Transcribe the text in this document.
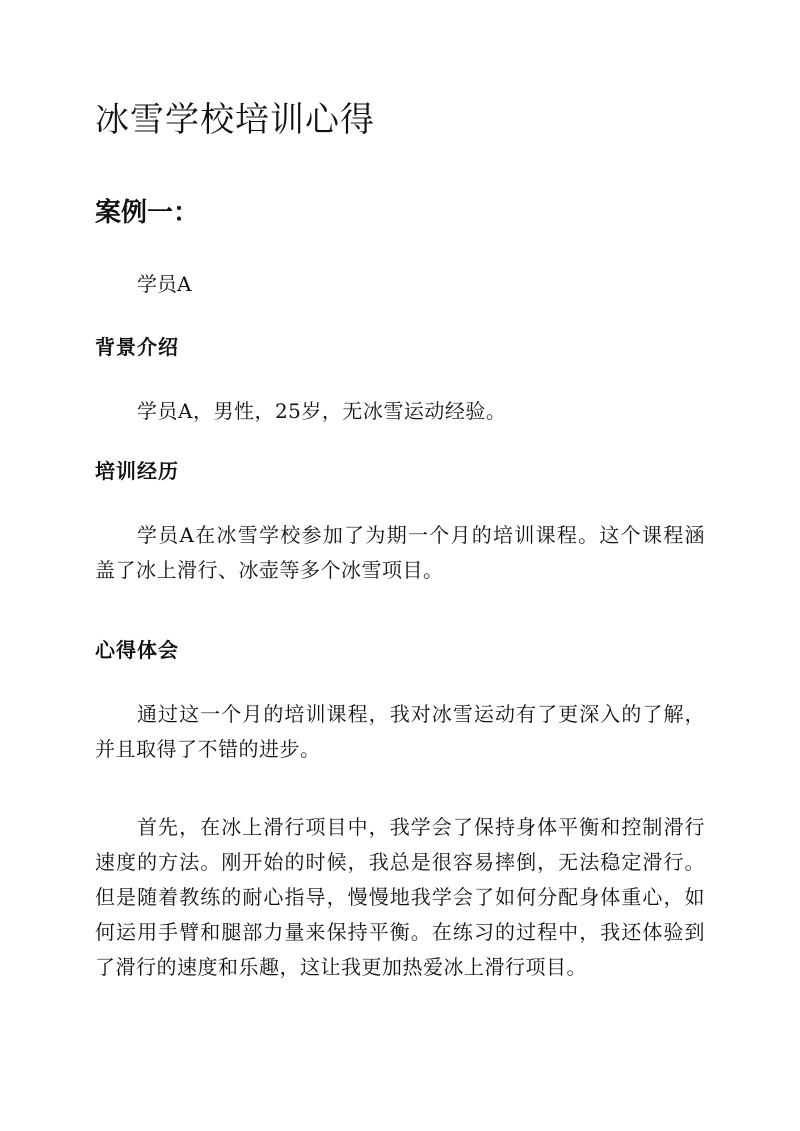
冰雪学校培训心得
案例一：

学员A

背景介绍

学员A，男性，25岁，无冰雪运动经验。

培训经历

学员A在冰雪学校参加了为期一个月的培训课程。这个课程涵盖了冰上滑行、冰壶等多个冰雪项目。

心得体会

通过这一个月的培训课程，我对冰雪运动有了更深入的了解，并且取得了不错的进步。

首先，在冰上滑行项目中，我学会了保持身体平衡和控制滑行速度的方法。刚开始的时候，我总是很容易摔倒，无法稳定滑行。但是随着教练的耐心指导，慢慢地我学会了如何分配身体重心，如何运用手臂和腿部力量来保持平衡。在练习的过程中，我还体验到了滑行的速度和乐趣，这让我更加热爱冰上滑行项目。
